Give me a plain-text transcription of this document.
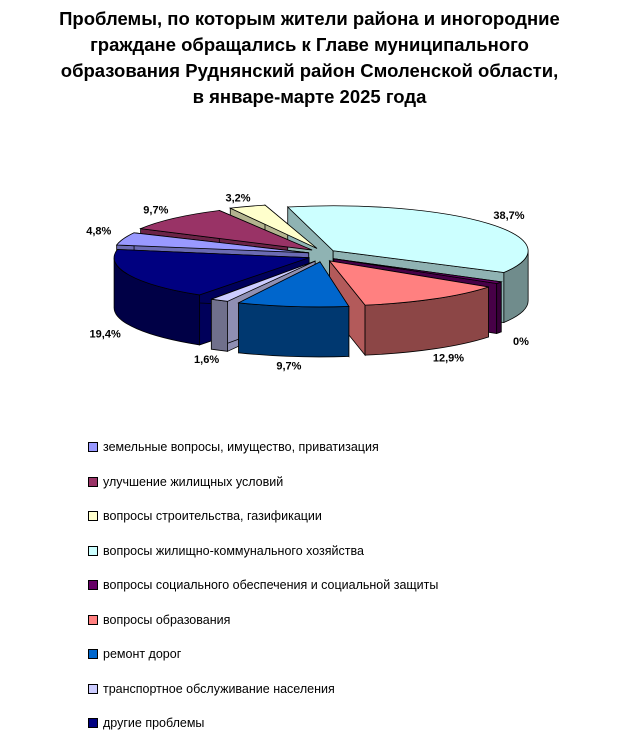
Проблемы, по которым жители района и иногородние
граждане обращались к Главе муниципального
образования Руднянский район Смоленской области,
в январе-марте 2025 года
4,8%
9,7%
3,2%
38,7%
0%
12,9%
9,7%
1,6%
19,4%
земельные вопросы, имущество, приватизация
улучшение жилищных условий
вопросы строительства, газификации
вопросы жилищно-коммунального хозяйства
вопросы социального обеспечения и социальной защиты
вопросы образования
ремонт дорог
транспортное обслуживание населения
другие проблемы
